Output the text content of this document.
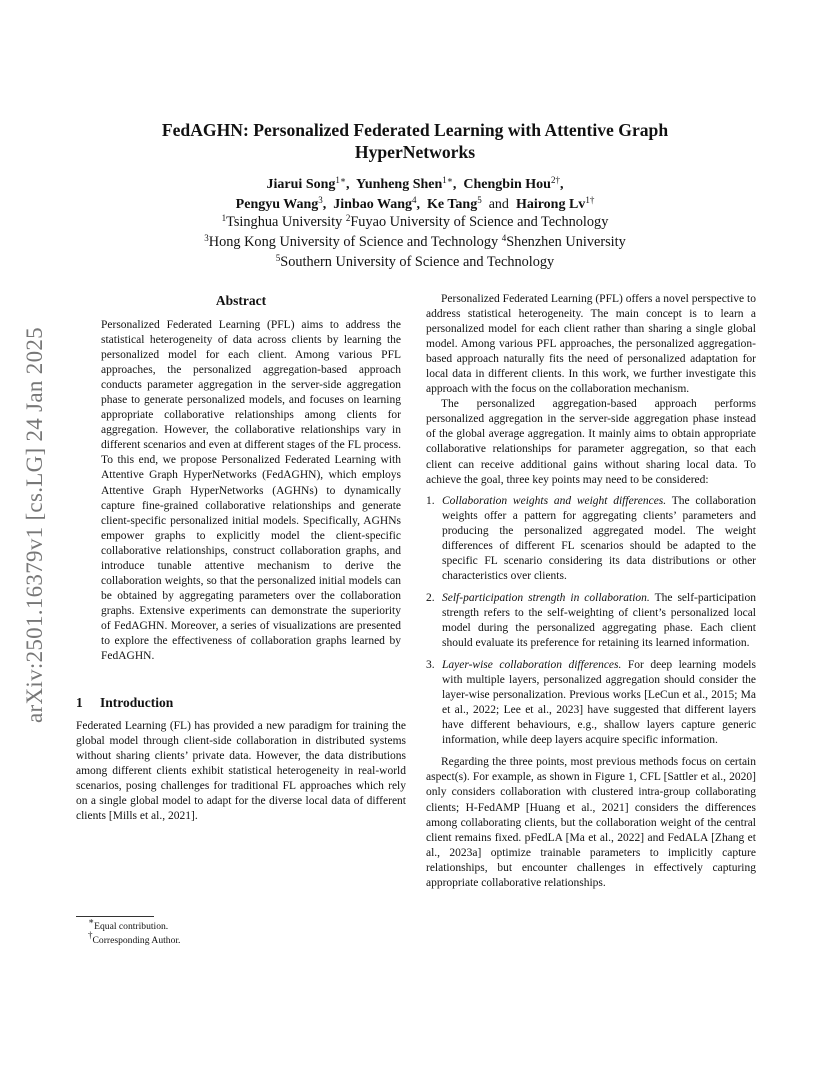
arXiv:2501.16379v1 [cs.LG] 24 Jan 2025
FedAGHN: Personalized Federated Learning with Attentive Graph
HyperNetworks
Jiarui Song$^{1∗}$,  Yunheng Shen$^{1∗}$,  Chengbin Hou$^{2\dagger}$,
Pengyu Wang$^3$,  Jinbao Wang$^4$,  Ke Tang$^5$ and Hairong $Lv^{1\dagger}$
$^1$Tsinghua University $^2$Fuyao University of Science and Technology
$^3$Hong Kong University of Science and Technology $^4$Shenzhen University
$^5$Southern University of Science and Technology
Abstract

Personalized Federated Learning (PFL) aims to address the statistical heterogeneity of data across clients by learning the personalized model for each client. Among various PFL approaches, the personalized aggregation-based approach conducts parameter aggregation in the server-side aggregation phase to generate personalized models, and focuses on learning appropriate collaborative relationships among clients for aggregation. However, the collaborative relationships vary in different scenarios and even at different stages of the FL process. To this end, we propose Personalized Federated Learning with Attentive Graph HyperNetworks (FedAGHN), which employs Attentive Graph HyperNetworks (AGHNs) to dynamically capture fine-grained collaborative relationships and generate client-specific personalized initial models. Specifically, AGHNs empower graphs to explicitly model the client-specific collaborative relationships, construct collaboration graphs, and introduce tunable attentive mechanism to derive the collaboration weights, so that the personalized initial models can be obtained by aggregating parameters over the collaboration graphs. Extensive experiments can demonstrate the superiority of FedAGHN. Moreover, a series of visualizations are presented to explore the effectiveness of collaboration graphs learned by FedAGHN.

1 Introduction

Federated Learning (FL) has provided a new paradigm for training the global model through client-side collaboration in distributed systems without sharing clients’ private data. However, the data distributions among different clients exhibit statistical heterogeneity in real-world scenarios, posing challenges for traditional FL approaches which rely on a single global model to adapt for the diverse local data of different clients [Mills et al., 2021].

∗Equal contribution.
†Corresponding Author.

Personalized Federated Learning (PFL) offers a novel perspective to address statistical heterogeneity. The main concept is to learn a personalized model for each client rather than sharing a single global model. Among various PFL approaches, the personalized aggregation-based approach naturally fits the need of personalized adaptation for local data in different clients. In this work, we further investigate this approach with the focus on the collaboration mechanism.

The personalized aggregation-based approach performs personalized aggregation in the server-side aggregation phase instead of the global average aggregation. It mainly aims to obtain appropriate collaborative relationships for parameter aggregation, so that each client can receive additional gains without sharing local data. To achieve the goal, three key points may need to be considered:

1. Collaboration weights and weight differences. The collaboration weights offer a pattern for aggregating clients’ parameters and producing the personalized aggregated model. The weight differences of different FL scenarios should be adapted to the specific FL scenario considering its data distributions or other characteristics over clients.
2. Self-participation strength in collaboration. The self-participation strength refers to the self-weighting of client’s personalized local model during the personalized aggregating phase. Each client should evaluate its preference for retaining its learned information.
3. Layer-wise collaboration differences. For deep learning models with multiple layers, personalized aggregation should consider the layer-wise personalization. Previous works [LeCun et al., 2015; Ma et al., 2022; Lee et al., 2023] have suggested that different layers have different behaviours, e.g., shallow layers capture generic information, while deep layers acquire specific information.

Regarding the three points, most previous methods focus on certain aspect(s). For example, as shown in Figure 1, CFL [Sattler et al., 2020] only considers collaboration with clustered intra-group collaborating clients; H-FedAMP [Huang et al., 2021] considers the differences among collaborating clients, but the collaboration weight of the central client remains fixed. pFedLA [Ma et al., 2022] and FedALA [Zhang et al., 2023a] optimize trainable parameters to implicitly capture relationships, but encounter challenges in effectively capturing appropriate collaborative relationships.
